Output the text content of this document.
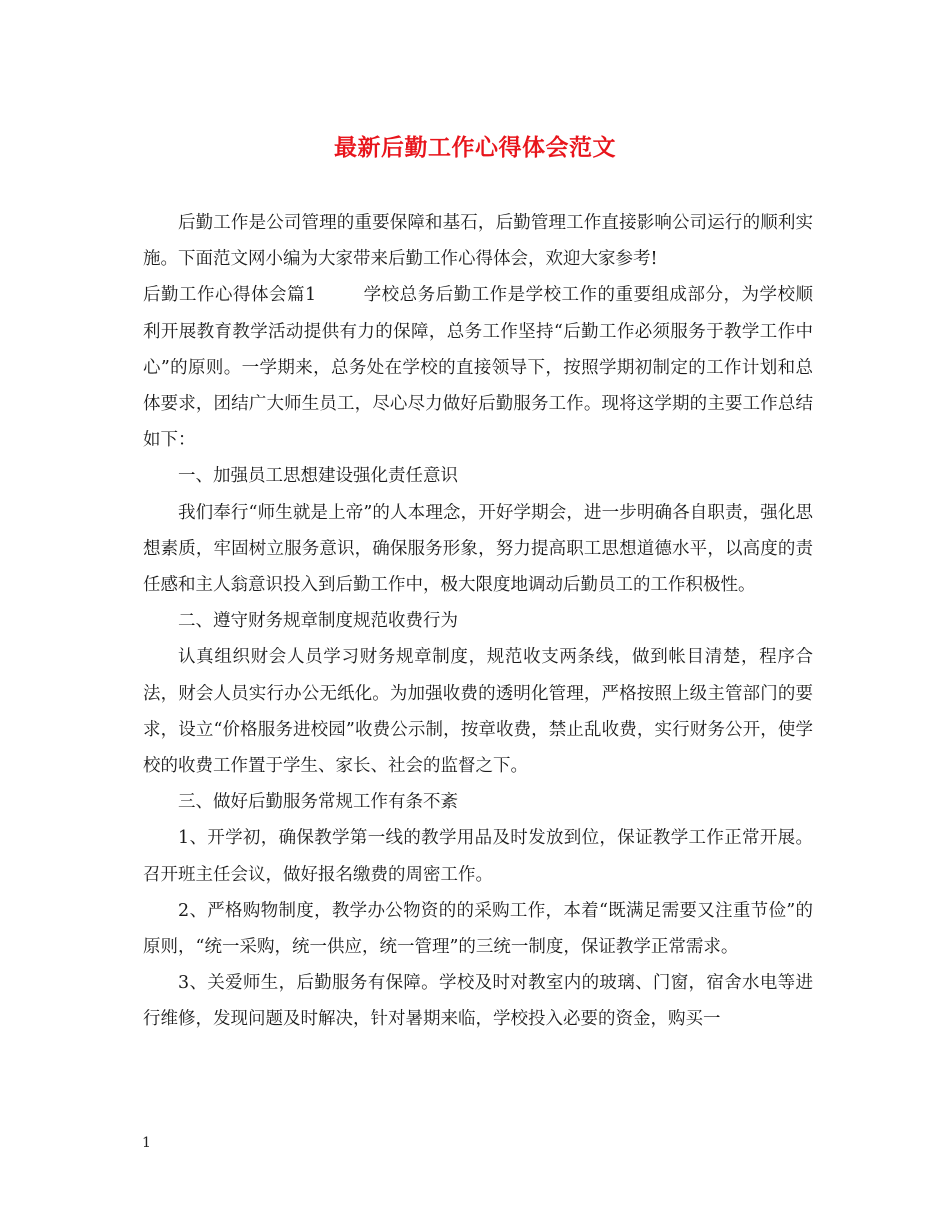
最新后勤工作心得体会范文

后勤工作是公司管理的重要保障和基石，后勤管理工作直接影响公司运行的顺利实施。下面范文网小编为大家带来后勤工作心得体会，欢迎大家参考!

后勤工作心得体会篇1	学校总务后勤工作是学校工作的重要组成部分，为学校顺利开展教育教学活动提供有力的保障，总务工作坚持“后勤工作必须服务于教学工作中心”的原则。一学期来，总务处在学校的直接领导下，按照学期初制定的工作计划和总体要求，团结广大师生员工，尽心尽力做好后勤服务工作。现将这学期的主要工作总结如下：

一、加强员工思想建设强化责任意识

我们奉行“师生就是上帝”的人本理念，开好学期会，进一步明确各自职责，强化思想素质，牢固树立服务意识，确保服务形象，努力提高职工思想道德水平，以高度的责任感和主人翁意识投入到后勤工作中，极大限度地调动后勤员工的工作积极性。

二、遵守财务规章制度规范收费行为

认真组织财会人员学习财务规章制度，规范收支两条线，做到帐目清楚，程序合法，财会人员实行办公无纸化。为加强收费的透明化管理，严格按照上级主管部门的要求，设立“价格服务进校园”收费公示制，按章收费，禁止乱收费，实行财务公开，使学校的收费工作置于学生、家长、社会的监督之下。

三、做好后勤服务常规工作有条不紊

1、开学初，确保教学第一线的教学用品及时发放到位，保证教学工作正常开展。召开班主任会议，做好报名缴费的周密工作。

2、严格购物制度，教学办公物资的的采购工作，本着“既满足需要又注重节俭”的原则，“统一采购，统一供应，统一管理”的三统一制度，保证教学正常需求。

3、关爱师生，后勤服务有保障。学校及时对教室内的玻璃、门窗，宿舍水电等进行维修，发现问题及时解决，针对暑期来临，学校投入必要的资金，购买一

1
